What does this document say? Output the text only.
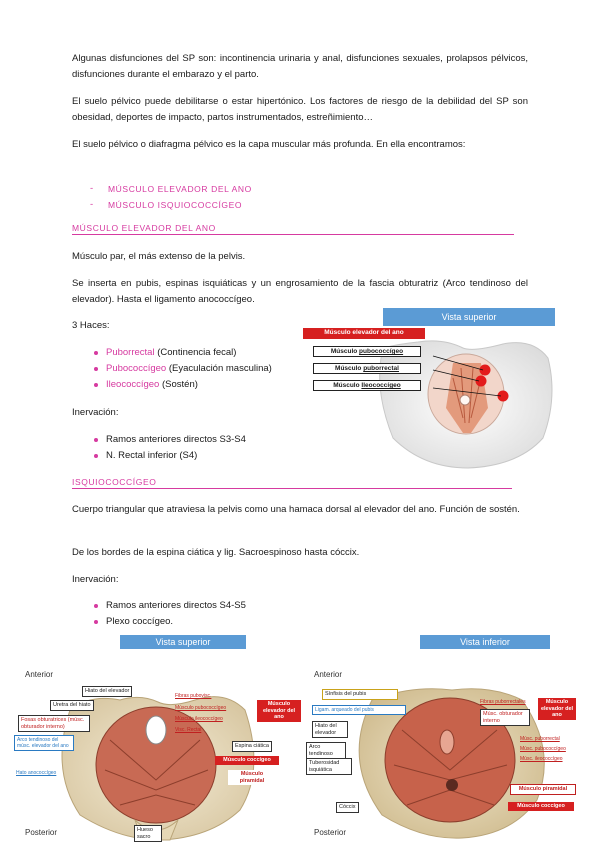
Algunas disfunciones del SP son: incontinencia urinaria y anal, disfunciones sexuales, prolapsos pélvicos, disfunciones durante el embarazo y el parto.

El suelo pélvico puede debilitarse o estar hipertónico. Los factores de riesgo de la debilidad del SP son obesidad, deportes de impacto, partos instrumentados, estreñimiento…

El suelo pélvico o diafragma pélvico es la capa muscular más profunda. En ella encontramos:

- MÚSCULO ELEVADOR DEL ANO
- MÚSCULO ISQUIOCOCCÍGEO
MÚSCULO ELEVADOR DEL ANO

Músculo par, el más extenso de la pelvis.

Se inserta en pubis, espinas isquiáticas y un engrosamiento de la fascia obturatriz (Arco tendinoso del elevador). Hasta el ligamento anococcígeo.

3 Haces:

Puborrectal (Continencia fecal)
Pubococcígeo (Eyaculación masculina)
Ileococcígeo (Sostén)

Inervación:

Ramos anteriores directos S3-S4
N. Rectal inferior (S4)
Vista superior
Músculo elevador del ano
Músculo pubococcígeo
Músculo puborrectal
Músculo Ileococcígeo
ISQUIOCOCCÍGEO

Cuerpo triangular que atraviesa la pelvis como una hamaca dorsal al elevador del ano. Función de sostén.

De los bordes de la espina ciática y lig. Sacroespinoso hasta cóccix.

Inervación:

Ramos anteriores directos S4-S5
Plexo coccígeo.
Vista superior
Anterior
Posterior
Hiato del elevador
Uretra del hiato
Fosas obturatrices (músc. obturador interno)
Arco tendinoso del músc. elevador del ano
Hato anococcígeo
Fibras pubovisc.
Músculo pubococcígeo
Músculo ileococcígeo
Visc. Rectal
Músculo elevador del ano
Espina ciática
Músculo coccígeo
Músculo piramidal
Hueso sacro
Vista inferior
Anterior
Posterior
Sínfisis del pubis
Ligam. arqueado del pubis
Hiato del elevador
Arco tendinoso
Tuberosidad isquiática
Cóccix
Fibras puborrectales
Músc. obturador interno
Músculo elevador del ano
Músc. puborrectal
Músc. pubococcígeo
Músc. ileococcígeo
Músculo piramidal
Músculo coccígeo
